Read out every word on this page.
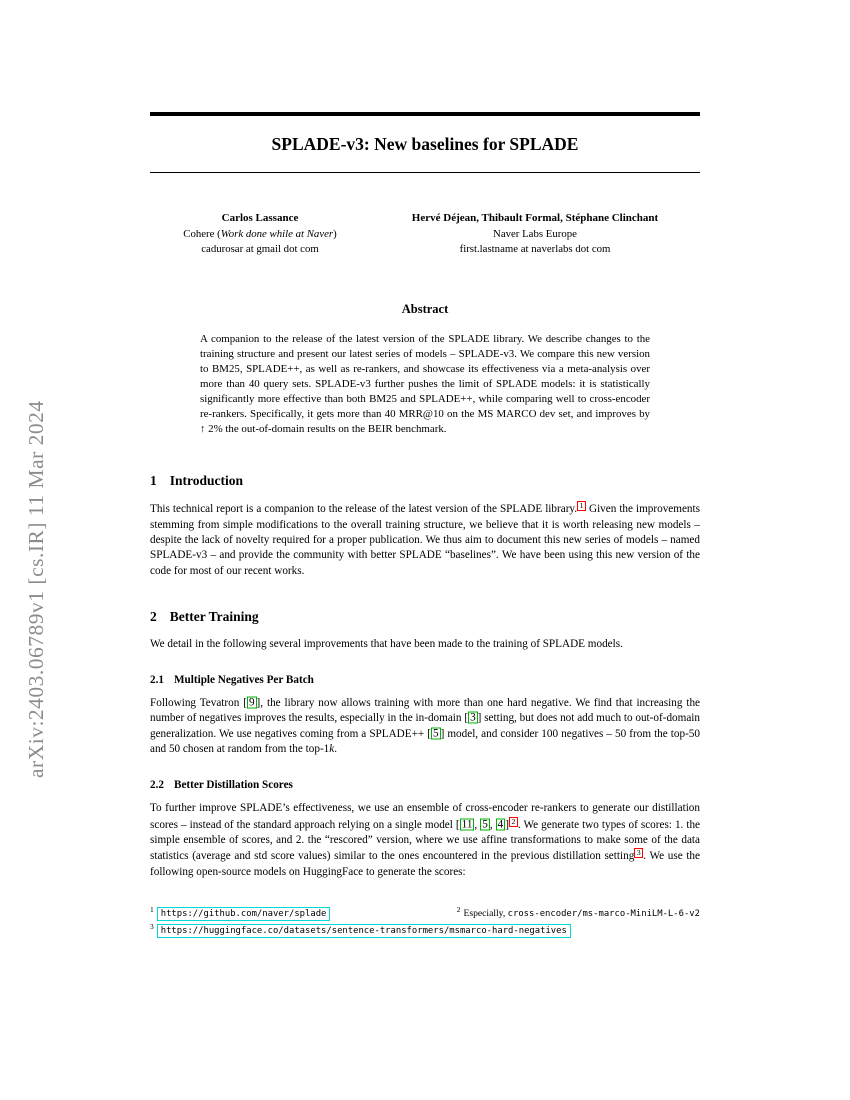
arXiv:2403.06789v1 [cs.IR] 11 Mar 2024
SPLADE-v3: New baselines for SPLADE
Carlos Lassance
Cohere (Work done while at Naver)
cadurosar at gmail dot com
Hervé Déjean, Thibault Formal, Stéphane Clinchant
Naver Labs Europe
first.lastname at naverlabs dot com
Abstract

A companion to the release of the latest version of the SPLADE library. We describe changes to the training structure and present our latest series of models – SPLADE-v3. We compare this new version to BM25, SPLADE++, as well as re-rankers, and showcase its effectiveness via a meta-analysis over more than 40 query sets. SPLADE-v3 further pushes the limit of SPLADE models: it is statistically significantly more effective than both BM25 and SPLADE++, while comparing well to cross-encoder re-rankers. Specifically, it gets more than 40 MRR@10 on the MS MARCO dev set, and improves by ↑ 2% the out-of-domain results on the BEIR benchmark.

1 Introduction

This technical report is a companion to the release of the latest version of the SPLADE library. $^1$ Given the improvements stemming from simple modifications to the overall training structure, we believe that it is worth releasing new models – despite the lack of novelty required for a proper publication. We thus aim to document this new series of models – named SPLADE-v3 – and provide the community with better SPLADE “baselines”. We have been using this new version of the code for most of our recent works.

2 Better Training

We detail in the following several improvements that have been made to the training of SPLADE models.

2.1 Multiple Negatives Per Batch

Following Tevatron [ 9 ], the library now allows training with more than one hard negative. We find that increasing the number of negatives improves the results, especially in the in-domain [ 3 ] setting, but does not add much to out-of-domain generalization. We use negatives coming from a SPLADE++ [ 5 ] model, and consider 100 negatives – 50 from the top-50 and 50 chosen at random from the top-1k.

2.2 Better Distillation Scores

To further improve SPLADE’s effectiveness, we use an ensemble of cross-encoder re-rankers to generate our distillation scores – instead of the standard approach relying on a single model [ 11 , 5 , 4 ] $^2$ . We generate two types of scores: 1. the simple ensemble of scores, and 2. the “rescored” version, where we use affine transformations to make some of the data statistics (average and std score values) similar to the ones encountered in the previous distillation setting $^3$ . We use the following open-source models on HuggingFace to generate the scores:

$^1$ https://github.com/naver/splade	$^2$ Especially, cross-encoder/ms-marco-MiniLM-L-6-v2
$^3$ https://huggingface.co/datasets/sentence-transformers/msmarco-hard-negatives
